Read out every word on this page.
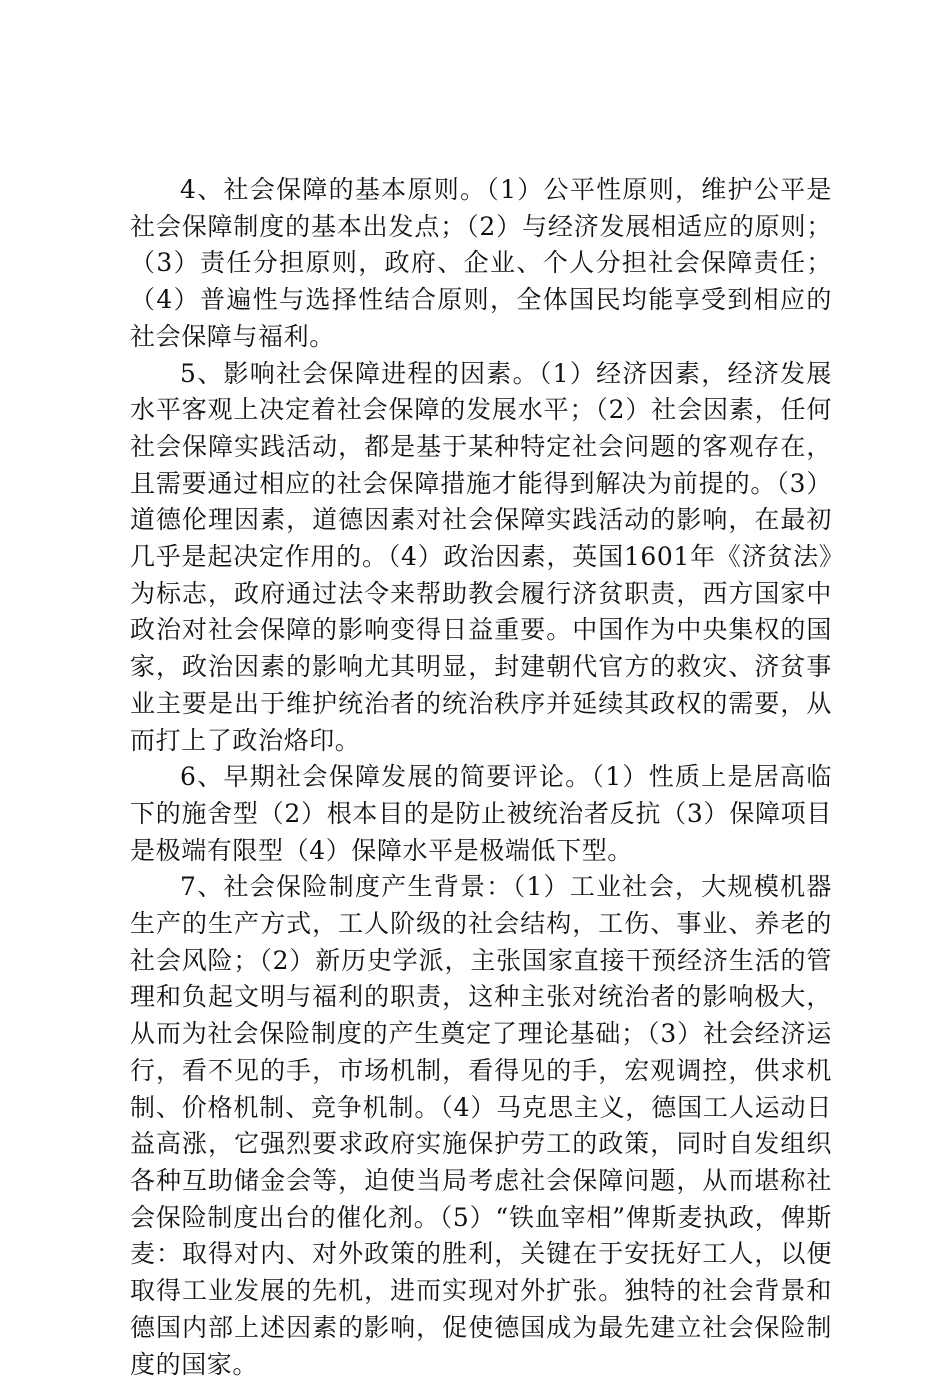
4、社会保障的基本原则。（1）公平性原则，维护公平是社会保障制度的基本出发点；（2）与经济发展相适应的原则；（3）责任分担原则，政府、企业、个人分担社会保障责任；（4）普遍性与选择性结合原则，全体国民均能享受到相应的社会保障与福利。

5、影响社会保障进程的因素。（1）经济因素，经济发展水平客观上决定着社会保障的发展水平；（2）社会因素，任何社会保障实践活动，都是基于某种特定社会问题的客观存在，且需要通过相应的社会保障措施才能得到解决为前提的。（3）道德伦理因素，道德因素对社会保障实践活动的影响，在最初几乎是起决定作用的。（4）政治因素，英国1601年《济贫法》为标志，政府通过法令来帮助教会履行济贫职责，西方国家中政治对社会保障的影响变得日益重要。中国作为中央集权的国家，政治因素的影响尤其明显，封建朝代官方的救灾、济贫事业主要是出于维护统治者的统治秩序并延续其政权的需要，从而打上了政治烙印。

6、早期社会保障发展的简要评论。（1）性质上是居高临下的施舍型（2）根本目的是防止被统治者反抗（3）保障项目是极端有限型（4）保障水平是极端低下型。

7、社会保险制度产生背景：（1）工业社会，大规模机器生产的生产方式，工人阶级的社会结构，工伤、事业、养老的社会风险；（2）新历史学派，主张国家直接干预经济生活的管理和负起文明与福利的职责，这种主张对统治者的影响极大，从而为社会保险制度的产生奠定了理论基础；（3）社会经济运行，看不见的手，市场机制，看得见的手，宏观调控，供求机制、价格机制、竞争机制。（4）马克思主义，德国工人运动日益高涨，它强烈要求政府实施保护劳工的政策，同时自发组织各种互助储金会等，迫使当局考虑社会保障问题，从而堪称社会保险制度出台的催化剂。（5）“铁血宰相”俾斯麦执政，俾斯麦：取得对内、对外政策的胜利，关键在于安抚好工人，以便取得工业发展的先机，进而实现对外扩张。独特的社会背景和德国内部上述因素的影响，促使德国成为最先建立社会保险制度的国家。
